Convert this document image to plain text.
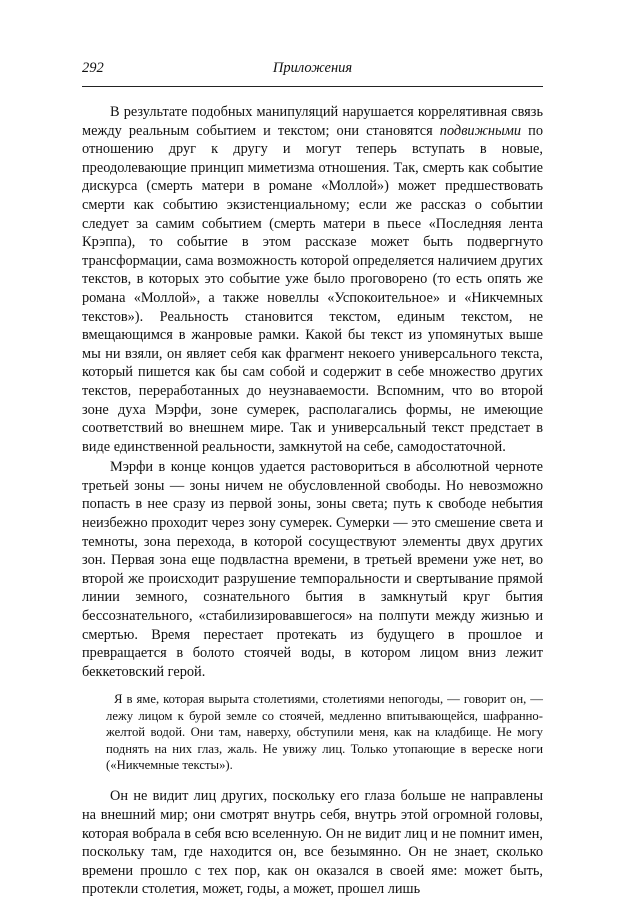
292	Приложения

В результате подобных манипуляций нарушается коррелятивная связь между реальным событием и текстом; они становятся подвижными по отношению друг к другу и могут теперь вступать в новые, преодолевающие принцип миметизма отношения. Так, смерть как событие дискурса (смерть матери в романе «Моллой») может предшествовать смерти как событию экзистенциальному; если же рассказ о событии следует за самим событием (смерть матери в пьесе «Последняя лента Крэппа), то событие в этом рассказе может быть подвергнуто трансформации, сама возможность которой определяется наличием других текстов, в которых это событие уже было проговорено (то есть опять же романа «Моллой», а также новеллы «Успокоительное» и «Никчемных текстов»). Реальность становится текстом, единым текстом, не вмещающимся в жанровые рамки. Какой бы текст из упомянутых выше мы ни взяли, он являет себя как фрагмент некоего универсального текста, который пишется как бы сам собой и содержит в себе множество других текстов, переработанных до неузнаваемости. Вспомним, что во второй зоне духа Мэрфи, зоне сумерек, располагались формы, не имеющие соответствий во внешнем мире. Так и универсальный текст предстает в виде единственной реальности, замкнутой на себе, самодостаточной.

Мэрфи в конце концов удается растовориться в абсолютной черноте третьей зоны — зоны ничем не обусловленной свободы. Но невозможно попасть в нее сразу из первой зоны, зоны света; путь к свободе небытия неизбежно проходит через зону сумерек. Сумерки — это смешение света и темноты, зона перехода, в которой сосуществуют элементы двух других зон. Первая зона еще подвластна времени, в третьей времени уже нет, во второй же происходит разрушение темпоральности и свертывание прямой линии земного, сознательного бытия в замкнутый круг бытия бессознательного, «стабилизировавшегося» на полпути между жизнью и смертью. Время перестает протекать из будущего в прошлое и превращается в болото стоячей воды, в котором лицом вниз лежит беккетовский герой.

Я в яме, которая вырыта столетиями, столетиями непогоды, — говорит он, — лежу лицом к бурой земле со стоячей, медленно впитывающейся, шафранно-желтой водой. Они там, наверху, обступили меня, как на кладбище. Не могу поднять на них глаз, жаль. Не увижу лиц. Только утопающие в вереске ноги («Никчемные тексты»).

Он не видит лиц других, поскольку его глаза больше не направлены на внешний мир; они смотрят внутрь себя, внутрь этой огромной головы, которая вобрала в себя всю вселенную. Он не видит лиц и не помнит имен, поскольку там, где находится он, все безымянно. Он не знает, сколько времени прошло с тех пор, как он оказался в своей яме: может быть, протекли столетия, может, годы, а может, прошел лишь
